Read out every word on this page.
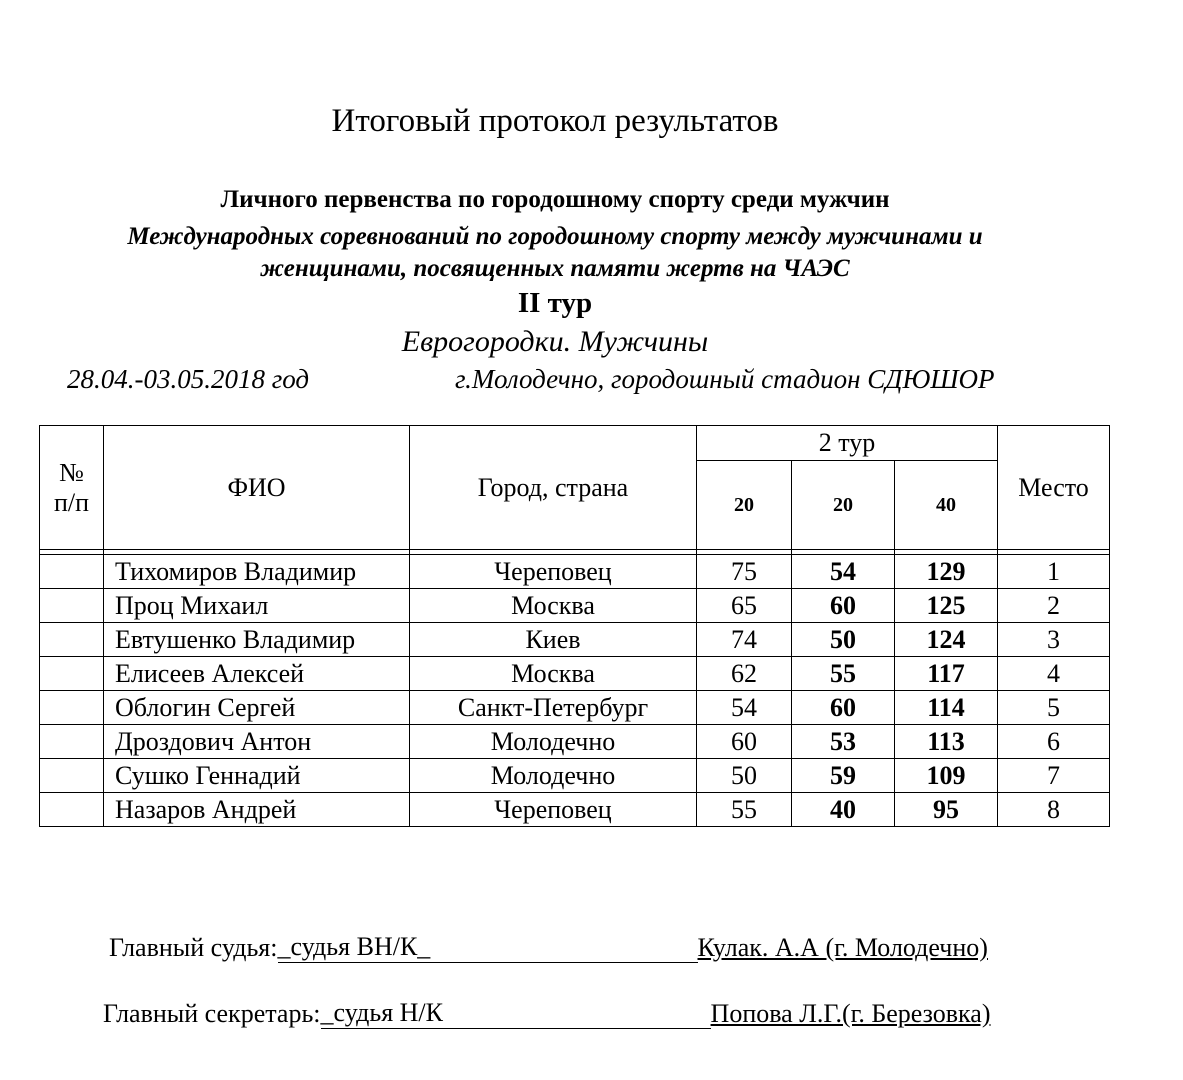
Итоговый протокол результатов
Личного первенства по городошному спорту среди мужчин
Международных соревнований по городошному спорту между мужчинами и
женщинами, посвященных памяти жертв на ЧАЭС
II тур
Еврогородки. Мужчины
28.04.-03.05.2018 год	г.Молодечно, городошный стадион СДЮШОР
№
п/п	ФИО	Город, страна	2 тур			Место
			20	20	40	

	Тихомиров Владимир	Череповец	75	54	129	1
	Проц Михаил	Москва	65	60	125	2
	Евтушенко Владимир	Киев	74	50	124	3
	Елисеев Алексей	Москва	62	55	117	4
	Облогин Сергей	Санкт-Петербург	54	60	114	5
	Дроздович Антон	Молодечно	60	53	113	6
	Сушко Геннадий	Молодечно	50	59	109	7
	Назаров Андрей	Череповец	55	40	95	8
Главный судья:_судья ВН/К_	Кулак. А.А (г. Молодечно)
Главный секретарь:_судья Н/К	Попова Л.Г.(г. Березовка)
